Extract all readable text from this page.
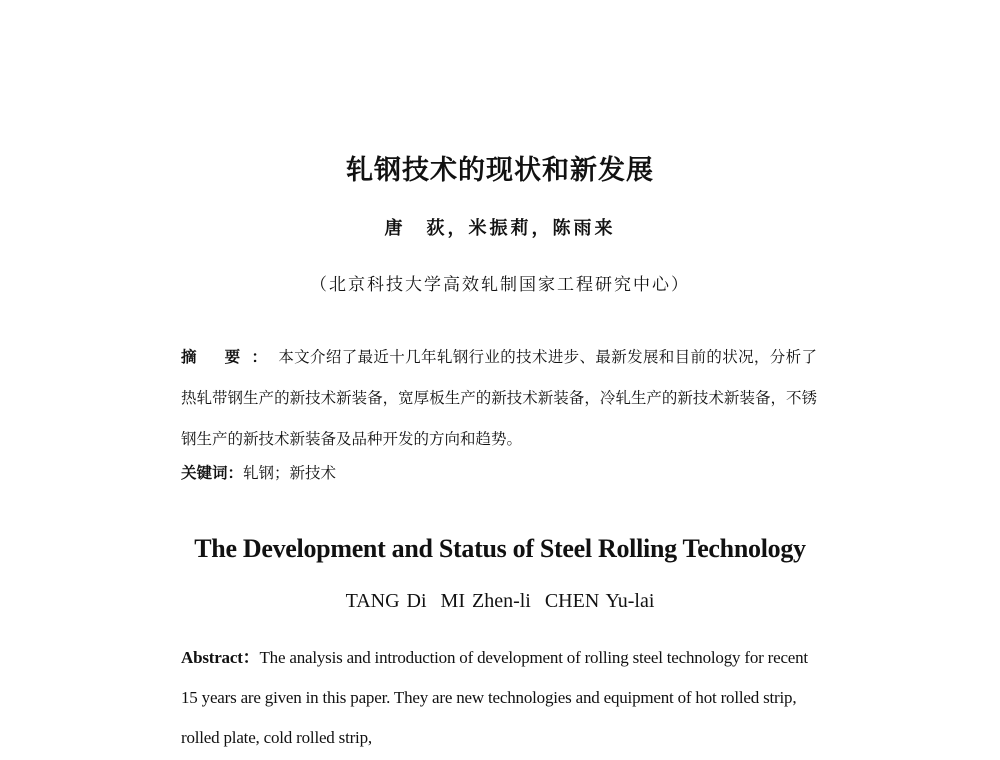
轧钢技术的现状和新发展
唐　荻，米振莉，陈雨来
（北京科技大学高效轧制国家工程研究中心）
摘 要：本文介绍了最近十几年轧钢行业的技术进步、最新发展和目前的状况，分析了热轧带钢生产的新技术新装备，宽厚板生产的新技术新装备，冷轧生产的新技术新装备，不锈钢生产的新技术新装备及品种开发的方向和趋势。
关键词：轧钢；新技术
The Development and Status of Steel Rolling Technology
TANG Di MI Zhen-li CHEN Yu-lai
Abstract：The analysis and introduction of development of rolling steel technology for recent 15 years are given in this paper. They are new technologies and equipment of hot rolled strip, rolled plate, cold rolled strip,
